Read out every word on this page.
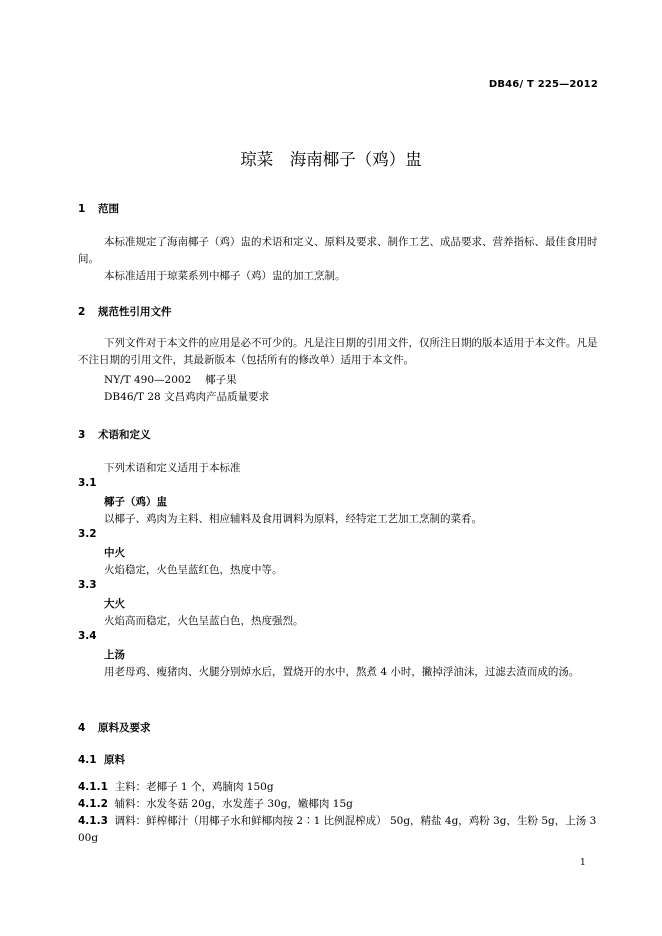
DB46/ T 225—2012
琼菜　海南椰子（鸡）盅
1 范围
本标准规定了海南椰子（鸡）盅的术语和定义、原料及要求、制作工艺、成品要求、营养指标、最佳食用时间。
本标准适用于琼菜系列中椰子（鸡）盅的加工烹制。
2 规范性引用文件
下列文件对于本文件的应用是必不可少的。凡是注日期的引用文件，仅所注日期的版本适用于本文件。凡是不注日期的引用文件，其最新版本（包括所有的修改单）适用于本文件。
NY/T 490—2002　 椰子果
DB46/T 28 文昌鸡肉产品质量要求
3 术语和定义
下列术语和定义适用于本标准
3.1
椰子（鸡）盅
以椰子、鸡肉为主料、相应辅料及食用调料为原料，经特定工艺加工烹制的菜肴。
3.2
中火
火焰稳定，火色呈蓝红色，热度中等。
3.3
大火
火焰高而稳定，火色呈蓝白色，热度强烈。
3.4
上汤
用老母鸡、瘦猪肉、火腿分别焯水后，置烧开的水中，熬煮 4 小时，撇掉浮油沫，过滤去渣而成的汤。
4 原料及要求
4.1 原料
4.1.1 主料：老椰子 1 个，鸡腩肉 150g
4.1.2 辅料：水发冬菇 20g，水发莲子 30g，嫩椰肉 15g
4.1.3 调料：鲜榨椰汁（用椰子水和鲜椰肉按 2∶1 比例混榨成） 50g，精盐 4g，鸡粉 3g，生粉 5g，上汤 300g
1
